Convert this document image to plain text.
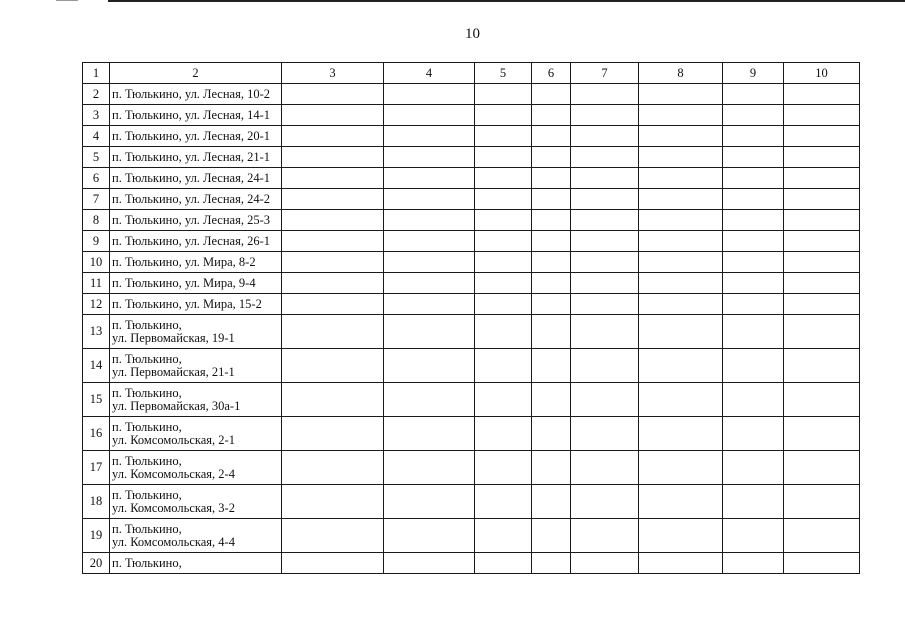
10
1	2	3	4	5	6	7	8	9	10
2	п. Тюлькино, ул. Лесная, 10-2								

3	п. Тюлькино, ул. Лесная, 14-1								

4	п. Тюлькино, ул. Лесная, 20-1								

5	п. Тюлькино, ул. Лесная, 21-1								

6	п. Тюлькино, ул. Лесная, 24-1								

7	п. Тюлькино, ул. Лесная, 24-2								

8	п. Тюлькино, ул. Лесная, 25-3								

9	п. Тюлькино, ул. Лесная, 26-1								

10	п. Тюлькино, ул. Мира, 8-2								

11	п. Тюлькино, ул. Мира, 9-4								

12	п. Тюлькино, ул. Мира, 15-2								

13	п. Тюлькино,
ул. Первомайская, 19-1								

14	п. Тюлькино,
ул. Первомайская, 21-1								

15	п. Тюлькино,
ул. Первомайская, 30а-1								

16	п. Тюлькино,
ул. Комсомольская, 2-1								

17	п. Тюлькино,
ул. Комсомольская, 2-4								

18	п. Тюлькино,
ул. Комсомольская, 3-2								

19	п. Тюлькино,
ул. Комсомольская, 4-4								

20	п. Тюлькино,								
